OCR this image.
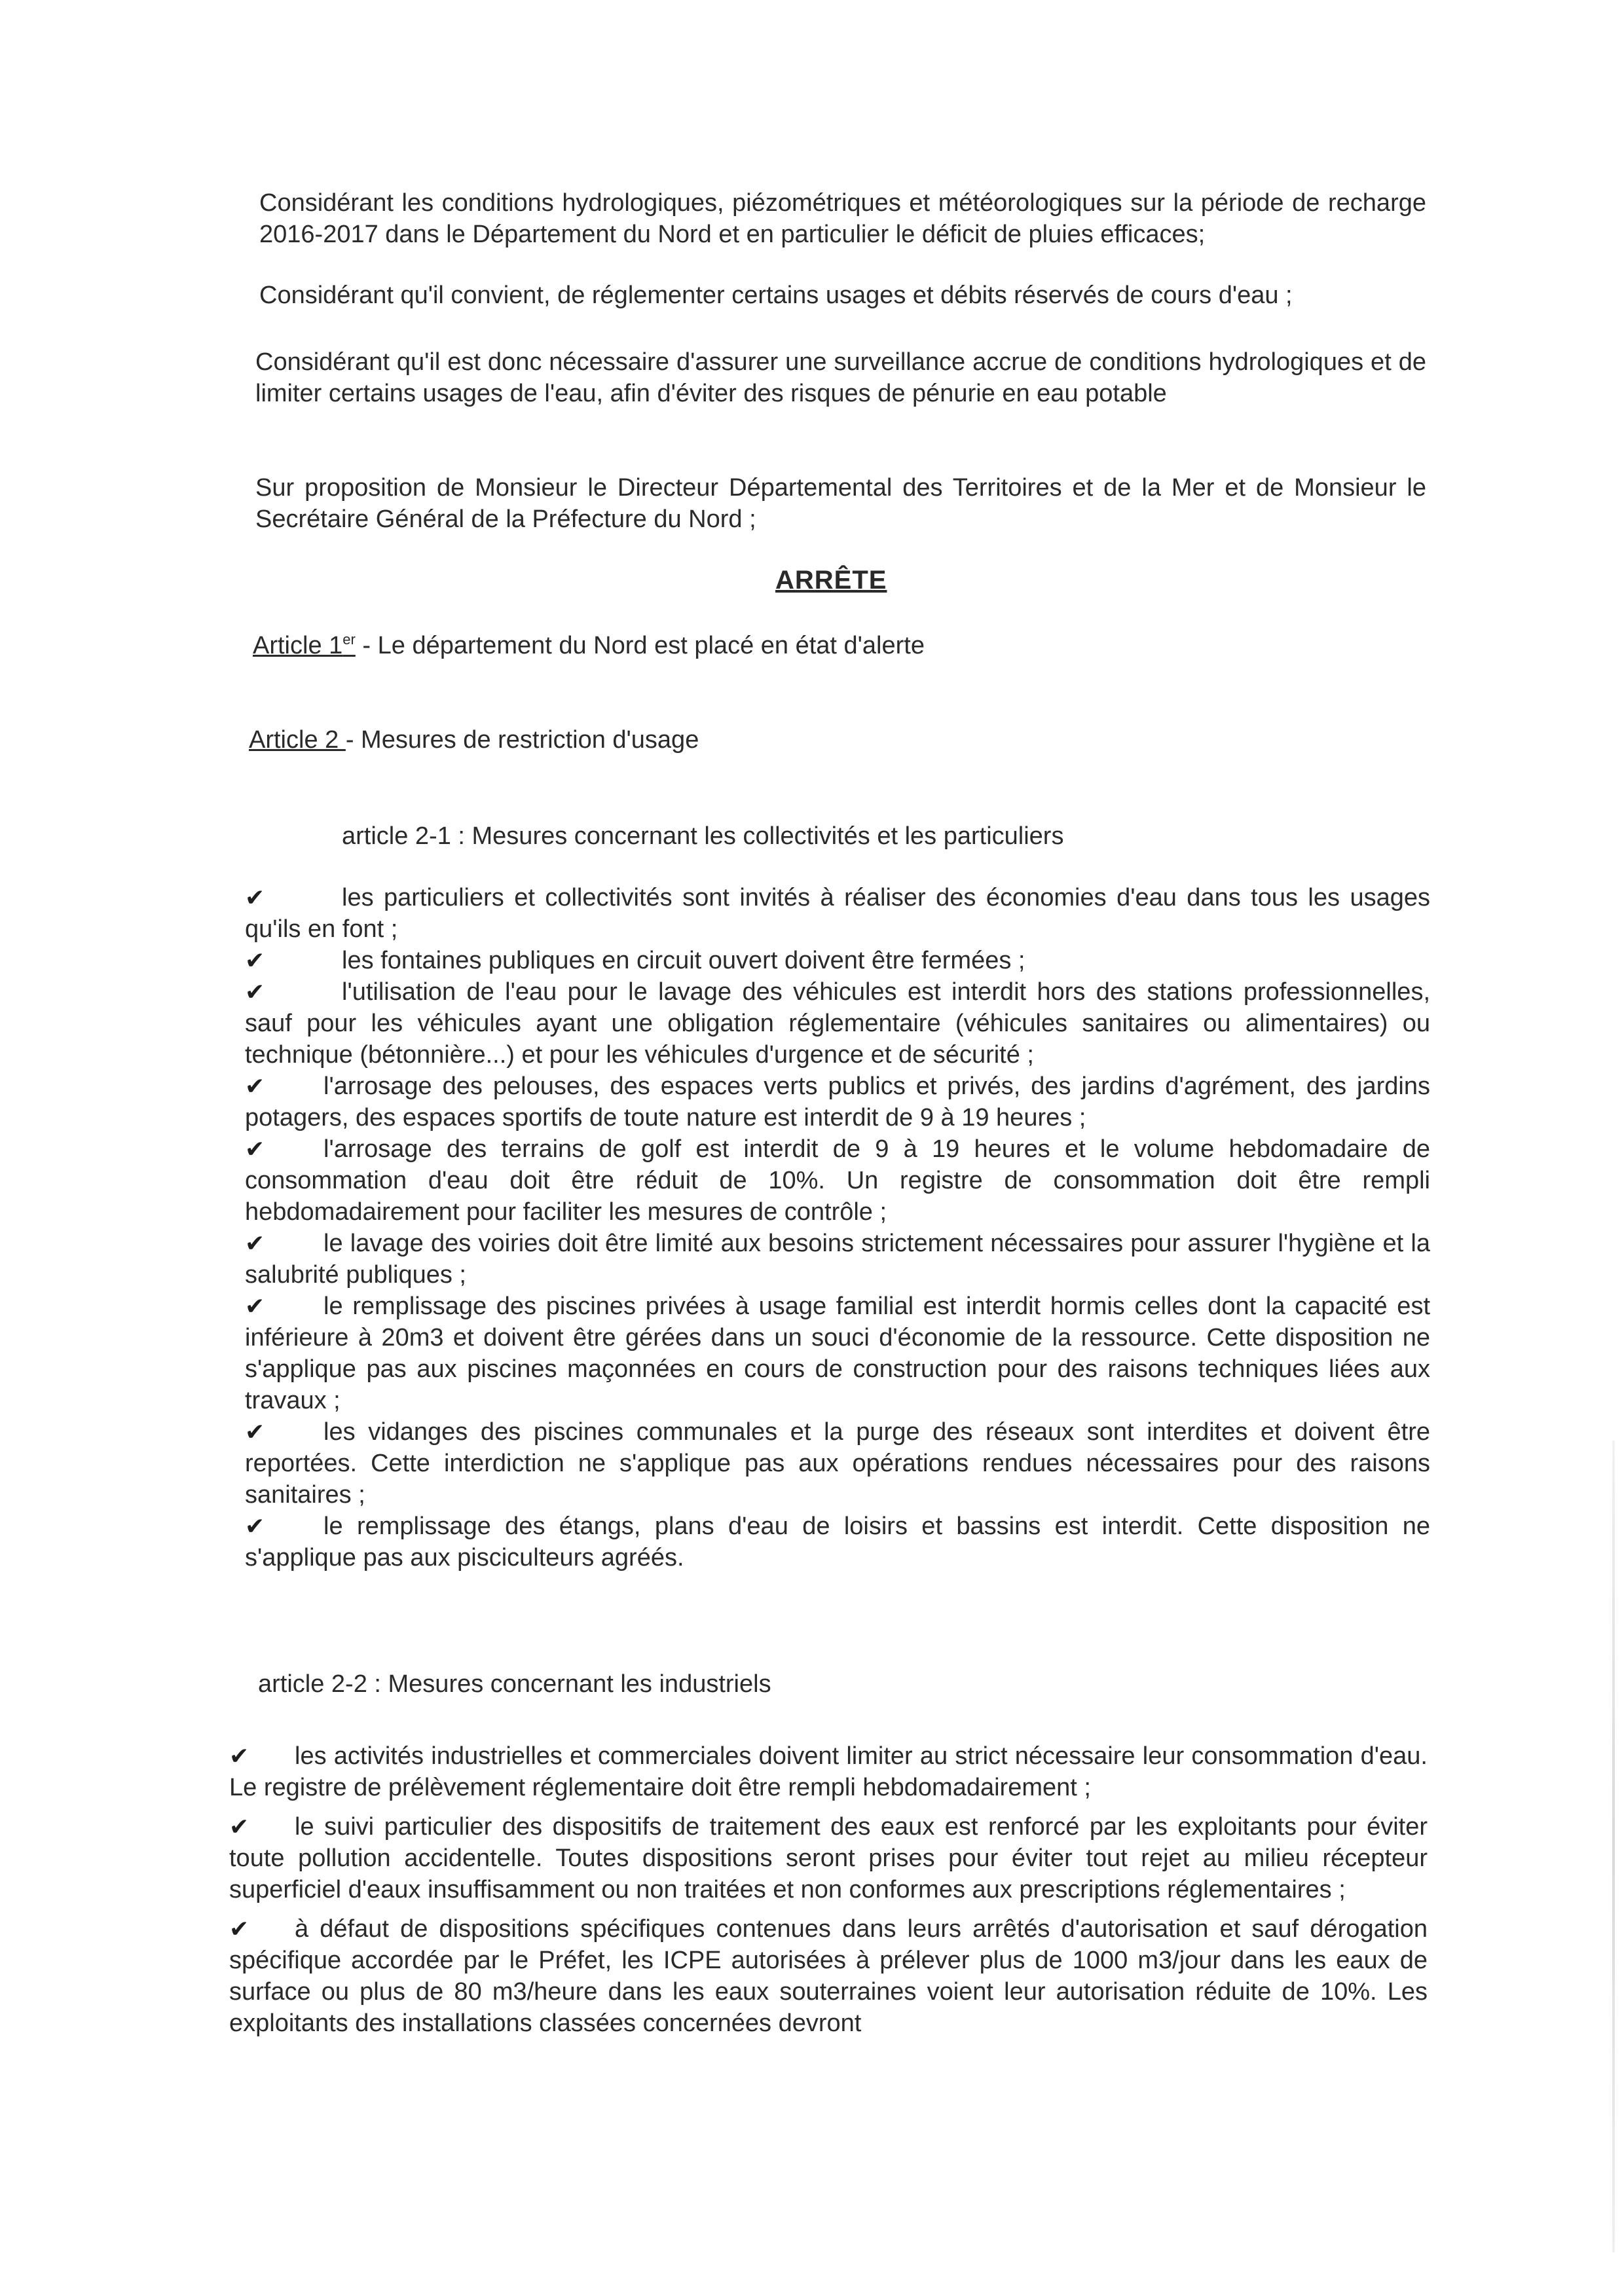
Considérant les conditions hydrologiques, piézométriques et météorologiques sur la période de recharge 2016-2017 dans le Département du Nord et en particulier le déficit de pluies efficaces;

Considérant qu'il convient, de réglementer certains usages et débits réservés de cours d'eau ;

Considérant qu'il est donc nécessaire d'assurer une surveillance accrue de conditions hydrologiques et de limiter certains usages de l'eau, afin d'éviter des risques de pénurie en eau potable

Sur proposition de Monsieur le Directeur Départemental des Territoires et de la Mer et de Monsieur le Secrétaire Général de la Préfecture du Nord ;

ARRÊTE

Article 1er - Le département du Nord est placé en état d'alerte

Article 2 - Mesures de restriction d'usage

article 2-1 : Mesures concernant les collectivités et les particuliers

✔	les particuliers et collectivités sont invités à réaliser des économies d'eau dans tous les usages qu'ils en font ;

✔	les fontaines publiques en circuit ouvert doivent être fermées ;

✔	l'utilisation de l'eau pour le lavage des véhicules est interdit hors des stations professionnelles, sauf pour les véhicules ayant une obligation réglementaire (véhicules sanitaires ou alimentaires) ou technique (bétonnière...) et pour les véhicules d'urgence et de sécurité ;

✔ l'arrosage des pelouses, des espaces verts publics et privés, des jardins d'agrément, des jardins potagers, des espaces sportifs de toute nature est interdit de 9 à 19 heures ;

✔ l'arrosage des terrains de golf est interdit de 9 à 19 heures et le volume hebdomadaire de consommation d'eau doit être réduit de 10%. Un registre de consommation doit être rempli hebdomadairement pour faciliter les mesures de contrôle ;

✔ le lavage des voiries doit être limité aux besoins strictement nécessaires pour assurer l'hygiène et la salubrité publiques ;

✔ le remplissage des piscines privées à usage familial est interdit hormis celles dont la capacité est inférieure à 20m3 et doivent être gérées dans un souci d'économie de la ressource. Cette disposition ne s'applique pas aux piscines maçonnées en cours de construction pour des raisons techniques liées aux travaux ;

✔ les vidanges des piscines communales et la purge des réseaux sont interdites et doivent être reportées. Cette interdiction ne s'applique pas aux opérations rendues nécessaires pour des raisons sanitaires ;

✔ le remplissage des étangs, plans d'eau de loisirs et bassins est interdit. Cette disposition ne s'applique pas aux pisciculteurs agréés.

article 2-2 : Mesures concernant les industriels

✔ les activités industrielles et commerciales doivent limiter au strict nécessaire leur consommation d'eau. Le registre de prélèvement réglementaire doit être rempli hebdomadairement ;

✔ le suivi particulier des dispositifs de traitement des eaux est renforcé par les exploitants pour éviter toute pollution accidentelle. Toutes dispositions seront prises pour éviter tout rejet au milieu récepteur superficiel d'eaux insuffisamment ou non traitées et non conformes aux prescriptions réglementaires ;

✔ à défaut de dispositions spécifiques contenues dans leurs arrêtés d'autorisation et sauf dérogation spécifique accordée par le Préfet, les ICPE autorisées à prélever plus de 1000 m3/jour dans les eaux de surface ou plus de 80 m3/heure dans les eaux souterraines voient leur autorisation réduite de 10%. Les exploitants des installations classées concernées devront
